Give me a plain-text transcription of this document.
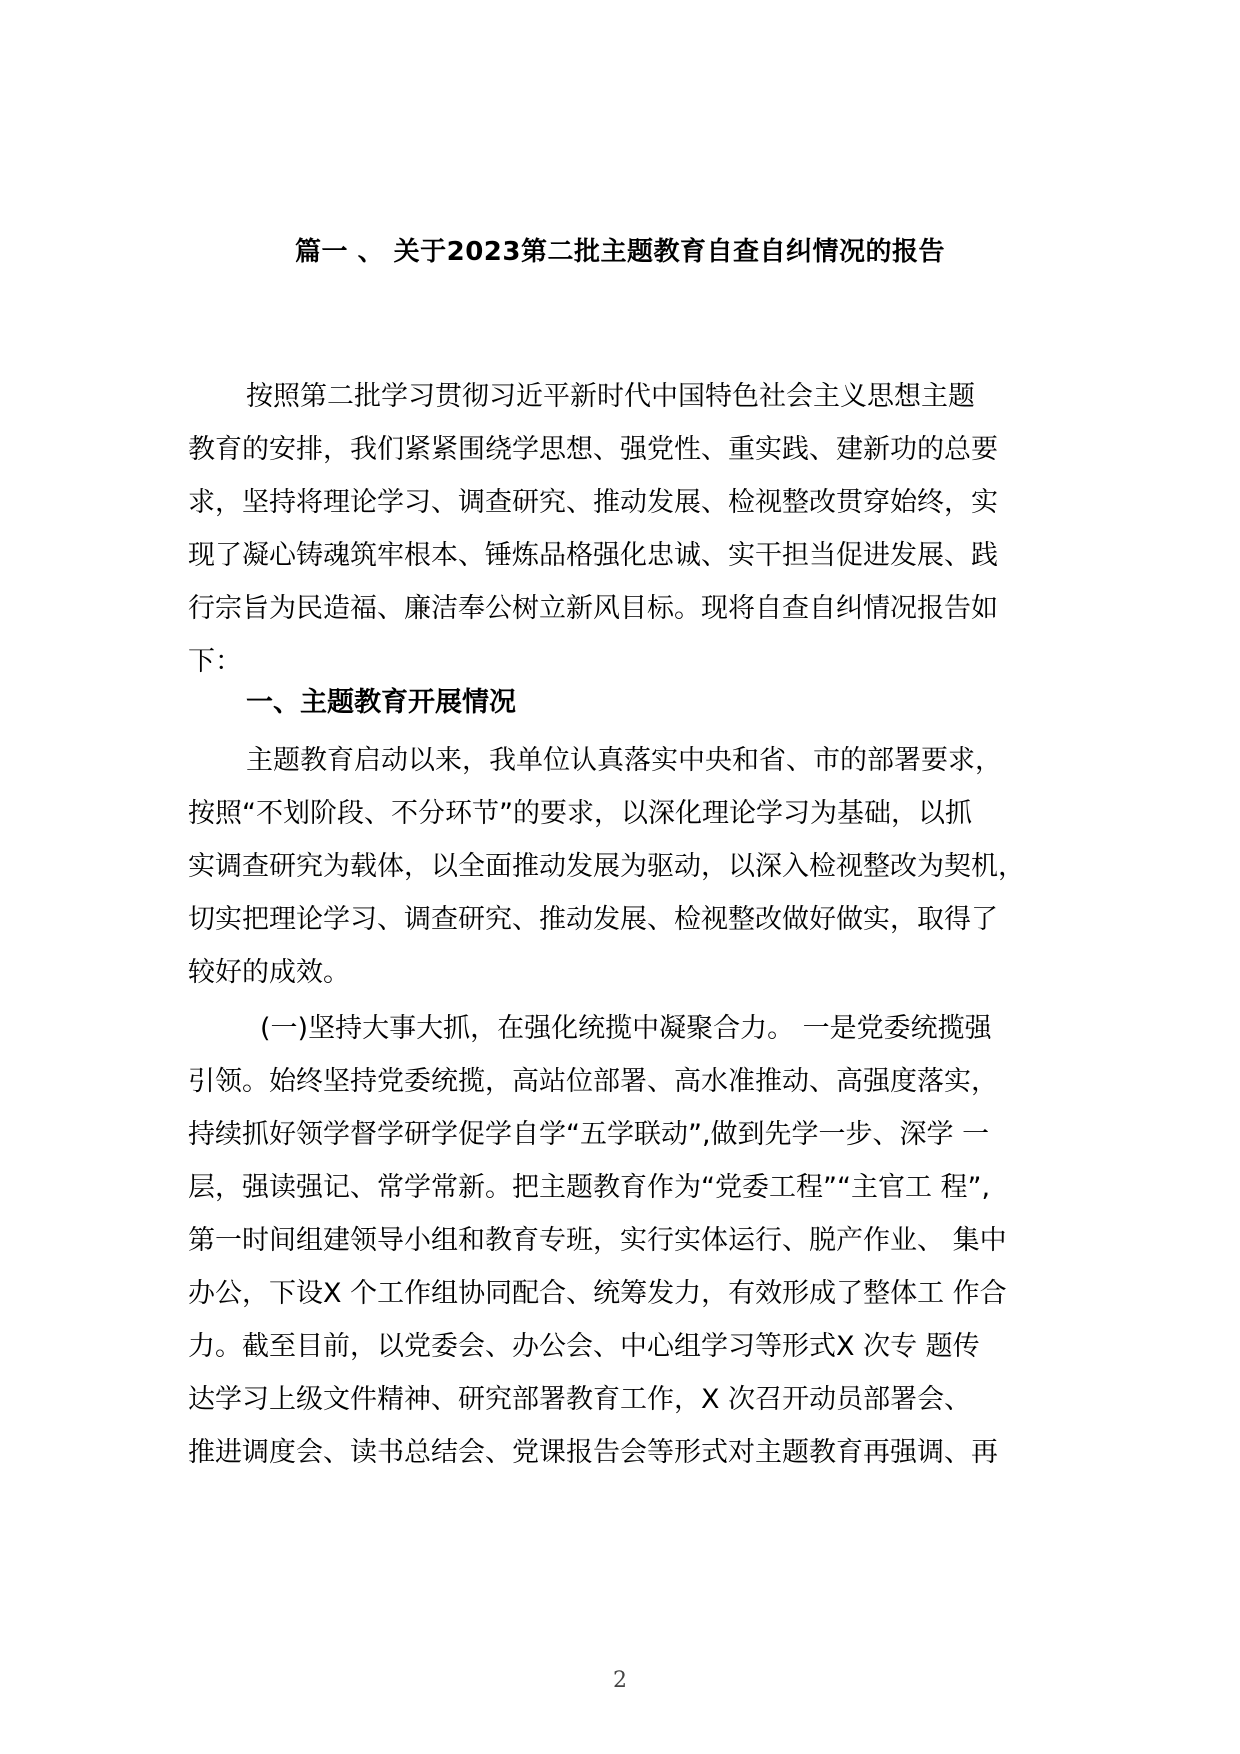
篇一 、 关于2023第二批主题教育自查自纠情况的报告
按照第二批学习贯彻习近平新时代中国特色社会主义思想主题
教育的安排，我们紧紧围绕学思想、强党性、重实践、建新功的总要
求，坚持将理论学习、调查研究、推动发展、检视整改贯穿始终，实
现了凝心铸魂筑牢根本、锤炼品格强化忠诚、实干担当促进发展、践
行宗旨为民造福、廉洁奉公树立新风目标。现将自查自纠情况报告如
下：
一、主题教育开展情况
主题教育启动以来，我单位认真落实中央和省、市的部署要求，
按照“不划阶段、不分环节”的要求，以深化理论学习为基础，以抓
实调查研究为载体，以全面推动发展为驱动，以深入检视整改为契机，
切实把理论学习、调查研究、推动发展、检视整改做好做实，取得了
较好的成效。
(一)坚持大事大抓，在强化统揽中凝聚合力。 一是党委统揽强
引领。始终坚持党委统揽，高站位部署、高水准推动、高强度落实，
持续抓好领学督学研学促学自学“五学联动”,做到先学一步、深学 一
层，强读强记、常学常新。把主题教育作为“党委工程”“主官工 程”,
第一时间组建领导小组和教育专班，实行实体运行、脱产作业、 集中
办公，下设X 个工作组协同配合、统筹发力，有效形成了整体工 作合
力。截至目前，以党委会、办公会、中心组学习等形式X 次专 题传
达学习上级文件精神、研究部署教育工作，X 次召开动员部署会、
推进调度会、读书总结会、党课报告会等形式对主题教育再强调、再
2
